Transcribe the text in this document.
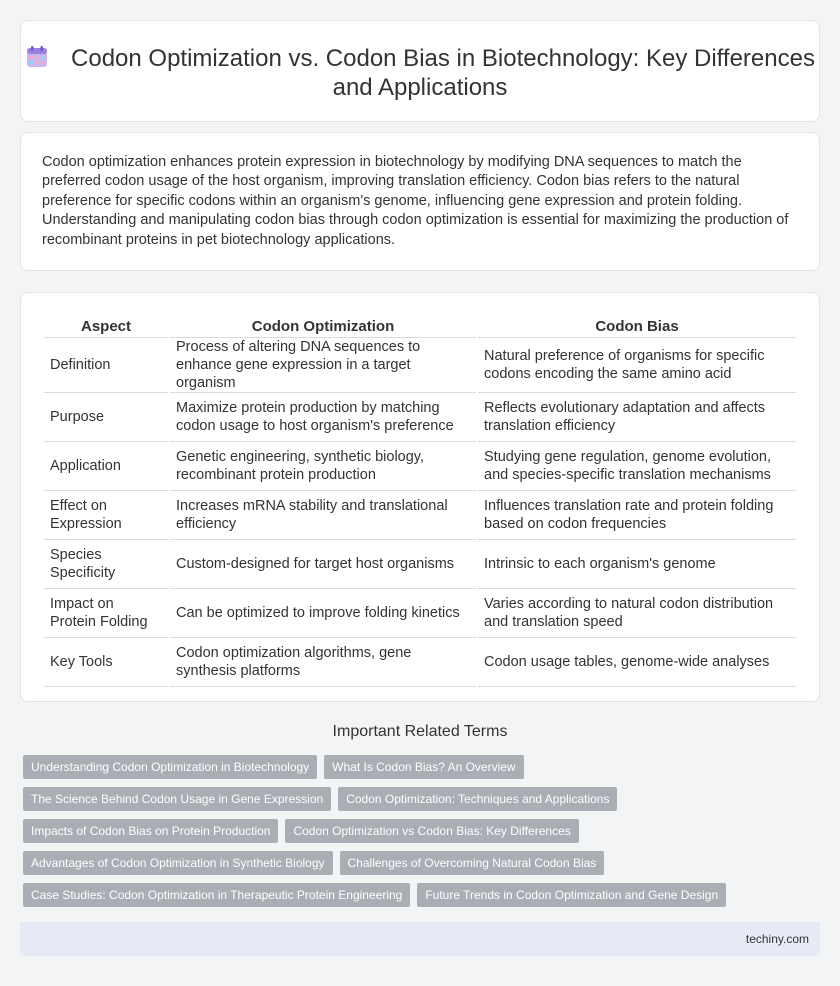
Codon Optimization vs. Codon Bias in Biotechnology: Key Differences and Applications

Codon optimization enhances protein expression in biotechnology by modifying DNA sequences to match the preferred codon usage of the host organism, improving translation efficiency. Codon bias refers to the natural preference for specific codons within an organism's genome, influencing gene expression and protein folding. Understanding and manipulating codon bias through codon optimization is essential for maximizing the production of recombinant proteins in pet biotechnology applications.

Aspect	Codon Optimization	Codon Bias
Definition	Process of altering DNA sequences to enhance gene expression in a target organism	Natural preference of organisms for specific codons encoding the same amino acid
Purpose	Maximize protein production by matching codon usage to host organism's preference	Reflects evolutionary adaptation and affects translation efficiency
Application	Genetic engineering, synthetic biology, recombinant protein production	Studying gene regulation, genome evolution, and species-specific translation mechanisms
Effect on Expression	Increases mRNA stability and translational efficiency	Influences translation rate and protein folding based on codon frequencies
Species Specificity	Custom-designed for target host organisms	Intrinsic to each organism's genome
Impact on Protein Folding	Can be optimized to improve folding kinetics	Varies according to natural codon distribution and translation speed
Key Tools	Codon optimization algorithms, gene synthesis platforms	Codon usage tables, genome-wide analyses
Important Related Terms
Understanding Codon Optimization in Biotechnology	What Is Codon Bias? An Overview
The Science Behind Codon Usage in Gene Expression	Codon Optimization: Techniques and Applications
Impacts of Codon Bias on Protein Production	Codon Optimization vs Codon Bias: Key Differences
Advantages of Codon Optimization in Synthetic Biology	Challenges of Overcoming Natural Codon Bias
Case Studies: Codon Optimization in Therapeutic Protein Engineering	Future Trends in Codon Optimization and Gene Design
techiny.com
